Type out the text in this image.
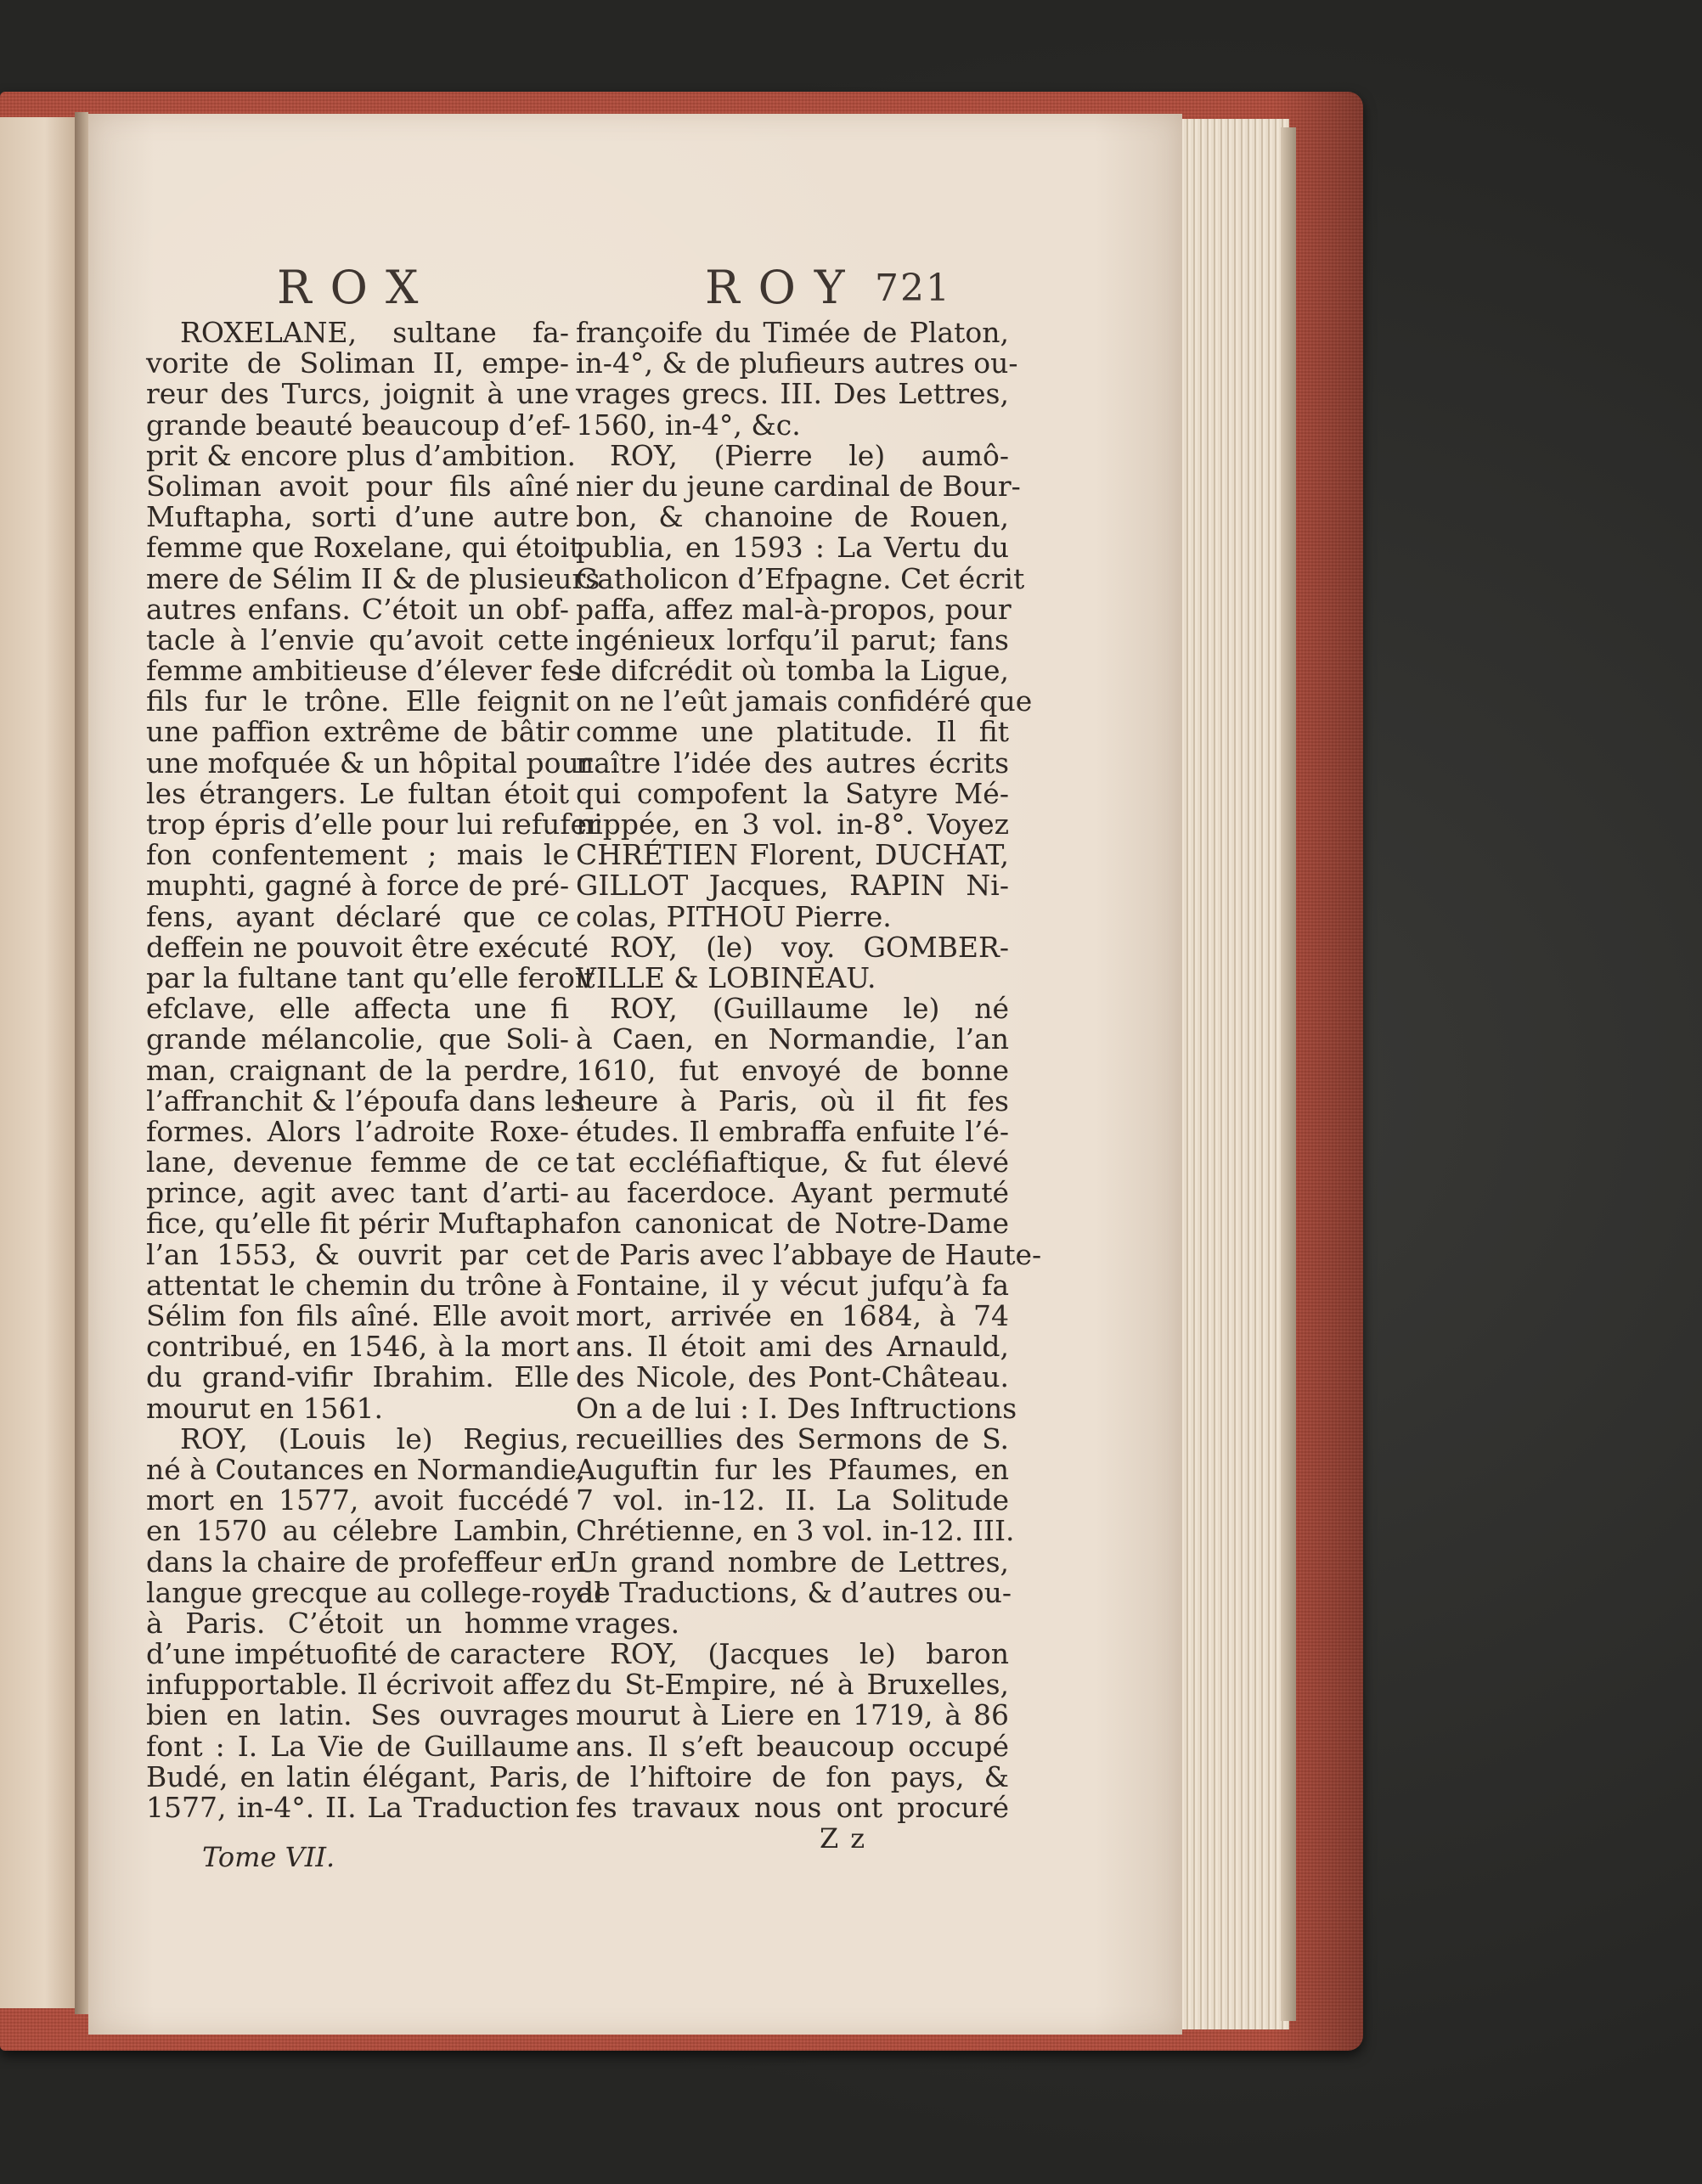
ROX	ROY 721
ROXELANE, sultane fa-
vorite de Soliman II, empe-
reur des Turcs, joignit à une
grande beauté beaucoup d’ef-
prit & encore plus d’ambition.
Soliman avoit pour fils aîné
Muftapha, sorti d’une autre
femme que Roxelane, qui étoit
mere de Sélim II & de plusieurs
autres enfans. C’étoit un obf-
tacle à l’envie qu’avoit cette
femme ambitieuse d’élever fes
fils fur le trône. Elle feignit
une paffion extrême de bâtir
une mofquée & un hôpital pour
les étrangers. Le fultan étoit
trop épris d’elle pour lui refufer
fon confentement ; mais le
muphti, gagné à force de pré-
fens, ayant déclaré que ce
deffein ne pouvoit être exécuté
par la fultane tant qu’elle feroit
efclave, elle affecta une fi
grande mélancolie, que Soli-
man, craignant de la perdre,
l’affranchit & l’époufa dans les
formes. Alors l’adroite Roxe-
lane, devenue femme de ce
prince, agit avec tant d’arti-
fice, qu’elle fit périr Muftapha
l’an 1553, & ouvrit par cet
attentat le chemin du trône à
Sélim fon fils aîné. Elle avoit
contribué, en 1546, à la mort
du grand-vifir Ibrahim. Elle
mourut en 1561.
ROY, (Louis le) Regius,
né à Coutances en Normandie,
mort en 1577, avoit fuccédé
en 1570 au célebre Lambin,
dans la chaire de profeffeur en
langue grecque au college-royal
à Paris. C’étoit un homme
d’une impétuofité de caractere
infupportable. Il écrivoit affez
bien en latin. Ses ouvrages
font : I. La Vie de Guillaume
Budé, en latin élégant, Paris,
1577, in-4°. II. La Traduction
françoife du Timée de Platon,
in-4°, & de plufieurs autres ou-
vrages grecs. III. Des Lettres,
1560, in-4°, &c.
ROY, (Pierre le) aumô-
nier du jeune cardinal de Bour-
bon, & chanoine de Rouen,
publia, en 1593 : La Vertu du
Catholicon d’Efpagne. Cet écrit
paffa, affez mal-à-propos, pour
ingénieux lorfqu’il parut; fans
le difcrédit où tomba la Ligue,
on ne l’eût jamais confidéré que
comme une platitude. Il fit
naître l’idée des autres écrits
qui compofent la Satyre Mé-
nippée, en 3 vol. in-8°. Voyez
CHRÉTIEN Florent, DUCHAT,
GILLOT Jacques, RAPIN Ni-
colas, PITHOU Pierre.
ROY, (le) voy. GOMBER-
VILLE & LOBINEAU.
ROY, (Guillaume le) né
à Caen, en Normandie, l’an
1610, fut envoyé de bonne
heure à Paris, où il fit fes
études. Il embraffa enfuite l’é-
tat eccléfiaftique, & fut élevé
au facerdoce. Ayant permuté
fon canonicat de Notre-Dame
de Paris avec l’abbaye de Haute-
Fontaine, il y vécut jufqu’à fa
mort, arrivée en 1684, à 74
ans. Il étoit ami des Arnauld,
des Nicole, des Pont-Château.
On a de lui : I. Des Inftructions
recueillies des Sermons de S.
Auguftin fur les Pfaumes, en
7 vol. in-12. II. La Solitude
Chrétienne, en 3 vol. in-12. III.
Un grand nombre de Lettres,
de Traductions, & d’autres ou-
vrages.
ROY, (Jacques le) baron
du St-Empire, né à Bruxelles,
mourut à Liere en 1719, à 86
ans. Il s’eft beaucoup occupé
de l’hiftoire de fon pays, &
fes travaux nous ont procuré
Tome VII.
Zz
